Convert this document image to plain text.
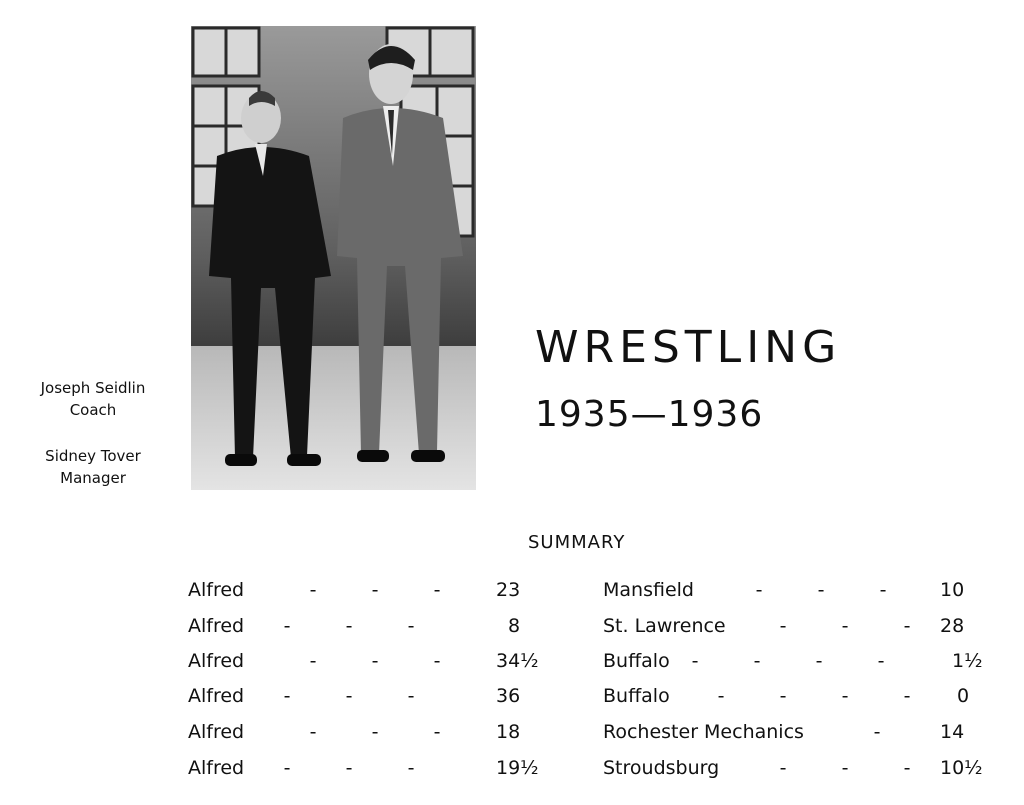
Joseph Seidlin
Coach
Sidney Tover
Manager
WRESTLING
1935—1936
SUMMARY
Alfred	-	-	-	23	Mansfield	-	-	-	10
Alfred	-	-	-	8	St. Lawrence	-	-	-	28
Alfred	-	-	-	34½	Buffalo	-	-	-	-	1½
Alfred	-	-	-	36	Buffalo	-	-	-	-	0
Alfred	-	-	-	18	Rochester Mechanics	-	14
Alfred	-	-	-	19½	Stroudsburg	-	-	-	10½
